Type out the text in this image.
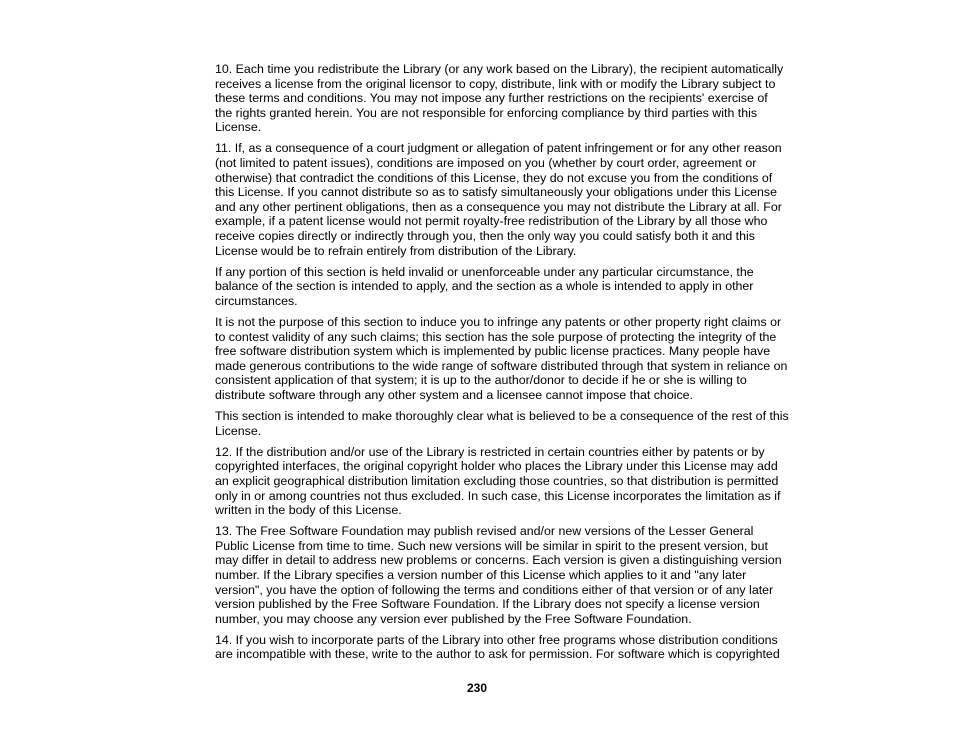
10. Each time you redistribute the Library (or any work based on the Library), the recipient automatically
receives a license from the original licensor to copy, distribute, link with or modify the Library subject to
these terms and conditions. You may not impose any further restrictions on the recipients' exercise of
the rights granted herein. You are not responsible for enforcing compliance by third parties with this
License.

11. If, as a consequence of a court judgment or allegation of patent infringement or for any other reason
(not limited to patent issues), conditions are imposed on you (whether by court order, agreement or
otherwise) that contradict the conditions of this License, they do not excuse you from the conditions of
this License. If you cannot distribute so as to satisfy simultaneously your obligations under this License
and any other pertinent obligations, then as a consequence you may not distribute the Library at all. For
example, if a patent license would not permit royalty-free redistribution of the Library by all those who
receive copies directly or indirectly through you, then the only way you could satisfy both it and this
License would be to refrain entirely from distribution of the Library.

If any portion of this section is held invalid or unenforceable under any particular circumstance, the
balance of the section is intended to apply, and the section as a whole is intended to apply in other
circumstances.

It is not the purpose of this section to induce you to infringe any patents or other property right claims or
to contest validity of any such claims; this section has the sole purpose of protecting the integrity of the
free software distribution system which is implemented by public license practices. Many people have
made generous contributions to the wide range of software distributed through that system in reliance on
consistent application of that system; it is up to the author/donor to decide if he or she is willing to
distribute software through any other system and a licensee cannot impose that choice.

This section is intended to make thoroughly clear what is believed to be a consequence of the rest of this
License.

12. If the distribution and/or use of the Library is restricted in certain countries either by patents or by
copyrighted interfaces, the original copyright holder who places the Library under this License may add
an explicit geographical distribution limitation excluding those countries, so that distribution is permitted
only in or among countries not thus excluded. In such case, this License incorporates the limitation as if
written in the body of this License.

13. The Free Software Foundation may publish revised and/or new versions of the Lesser General
Public License from time to time. Such new versions will be similar in spirit to the present version, but
may differ in detail to address new problems or concerns. Each version is given a distinguishing version
number. If the Library specifies a version number of this License which applies to it and "any later
version", you have the option of following the terms and conditions either of that version or of any later
version published by the Free Software Foundation. If the Library does not specify a license version
number, you may choose any version ever published by the Free Software Foundation.

14. If you wish to incorporate parts of the Library into other free programs whose distribution conditions
are incompatible with these, write to the author to ask for permission. For software which is copyrighted

230
